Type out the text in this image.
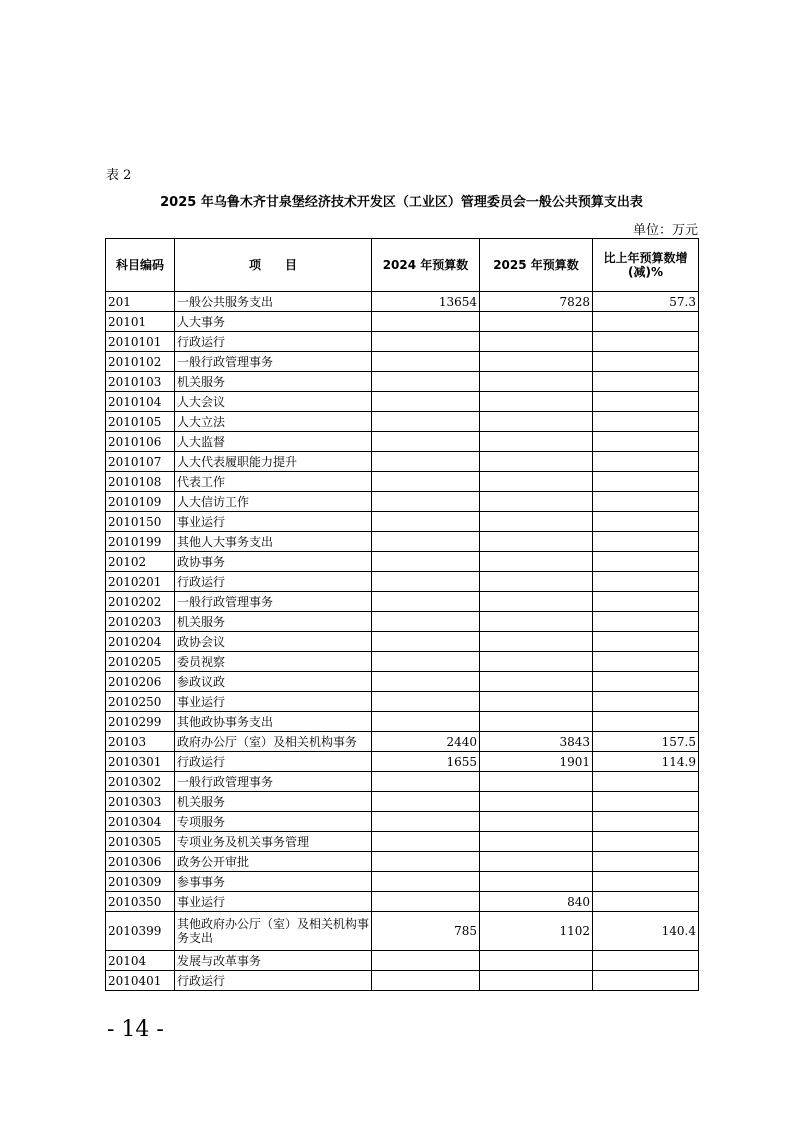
表 2
2025 年乌鲁木齐甘泉堡经济技术开发区（工业区）管理委员会一般公共预算支出表
单位：万元
科目编码	项　　目	2024 年预算数	2025 年预算数	比上年预算数增(减)%
201	一般公共服务支出	13654	7828	57.3
20101	人大事务			
2010101	行政运行			
2010102	一般行政管理事务			
2010103	机关服务			
2010104	人大会议			
2010105	人大立法			
2010106	人大监督			
2010107	人大代表履职能力提升			
2010108	代表工作			
2010109	人大信访工作			
2010150	事业运行			
2010199	其他人大事务支出			
20102	政协事务			
2010201	行政运行			
2010202	一般行政管理事务			
2010203	机关服务			
2010204	政协会议			
2010205	委员视察			
2010206	参政议政			
2010250	事业运行			
2010299	其他政协事务支出			
20103	政府办公厅（室）及相关机构事务	2440	3843	157.5
2010301	行政运行	1655	1901	114.9
2010302	一般行政管理事务			
2010303	机关服务			
2010304	专项服务			
2010305	专项业务及机关事务管理			
2010306	政务公开审批			
2010309	参事事务			
2010350	事业运行		840	
2010399	其他政府办公厅（室）及相关机构事务支出	785	1102	140.4
20104	发展与改革事务			
2010401	行政运行			
- 14 -
